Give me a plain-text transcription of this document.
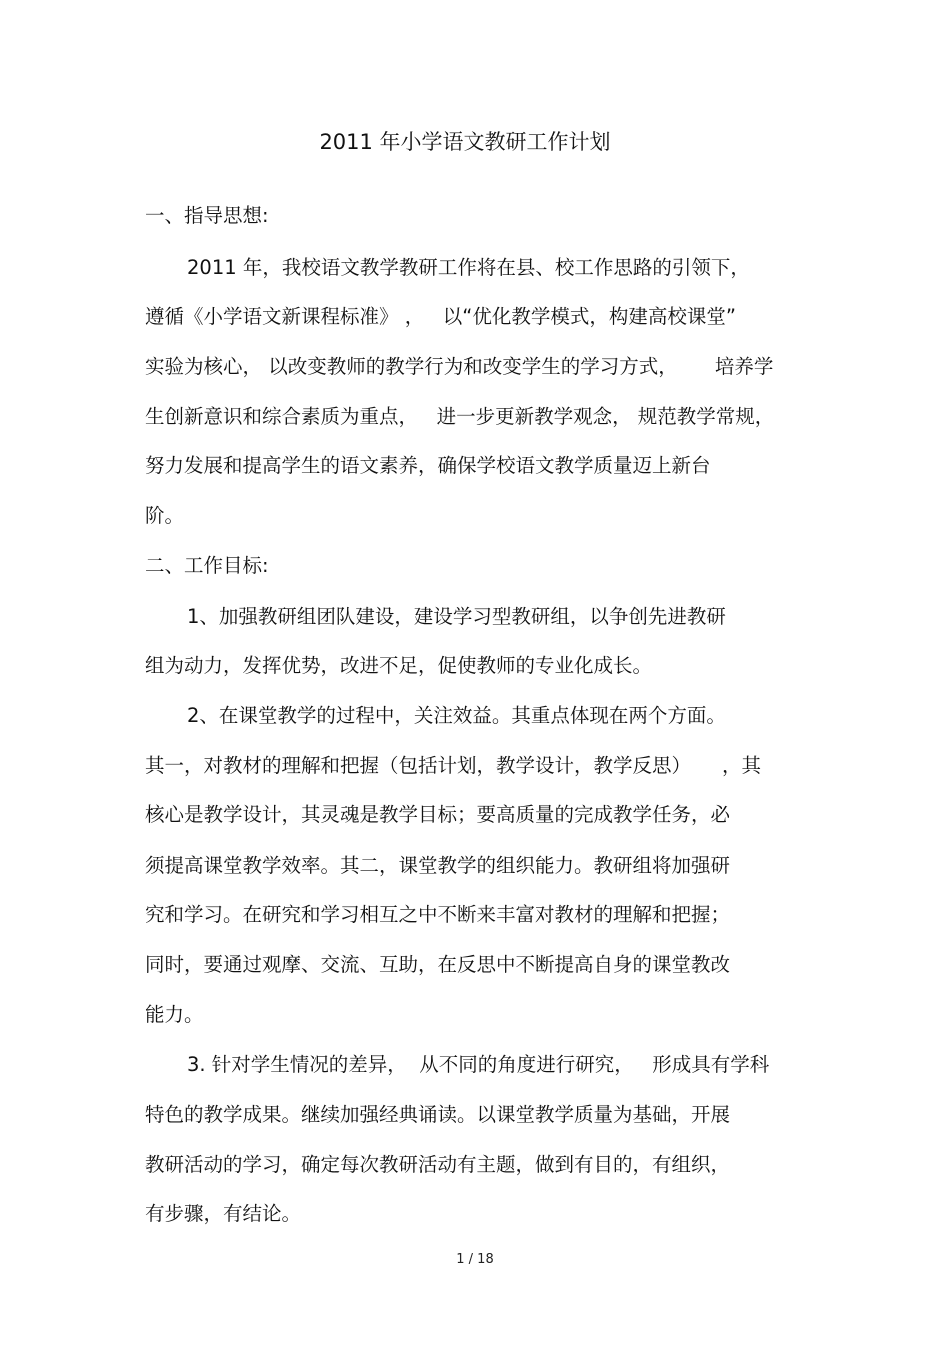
2011 年小学语文教研工作计划
一、指导思想:
2011 年，我校语文教学教研工作将在县、校工作思路的引领下，
遵循《小学语文新课程标准》 ，   以“优化教学模式，构建高校课堂”
实验为核心， 以改变教师的教学行为和改变学生的学习方式，      培养学
生创新意识和综合素质为重点，   进一步更新教学观念， 规范教学常规，
努力发展和提高学生的语文素养，确保学校语文教学质量迈上新台
阶。
二、工作目标:
1、加强教研组团队建设，建设学习型教研组，以争创先进教研
组为动力，发挥优势，改进不足，促使教师的专业化成长。
2、在课堂教学的过程中，关注效益。其重点体现在两个方面。
其一，对教材的理解和把握（包括计划，教学设计，教学反思）     ，其
核心是教学设计，其灵魂是教学目标；要高质量的完成教学任务，必
须提高课堂教学效率。其二，课堂教学的组织能力。教研组将加强研
究和学习。在研究和学习相互之中不断来丰富对教材的理解和把握；
同时，要通过观摩、交流、互助，在反思中不断提高自身的课堂教改
能力。
3. 针对学生情况的差异，  从不同的角度进行研究，   形成具有学科
特色的教学成果。继续加强经典诵读。以课堂教学质量为基础，开展
教研活动的学习，确定每次教研活动有主题，做到有目的，有组织，
有步骤，有结论。
1 / 18
